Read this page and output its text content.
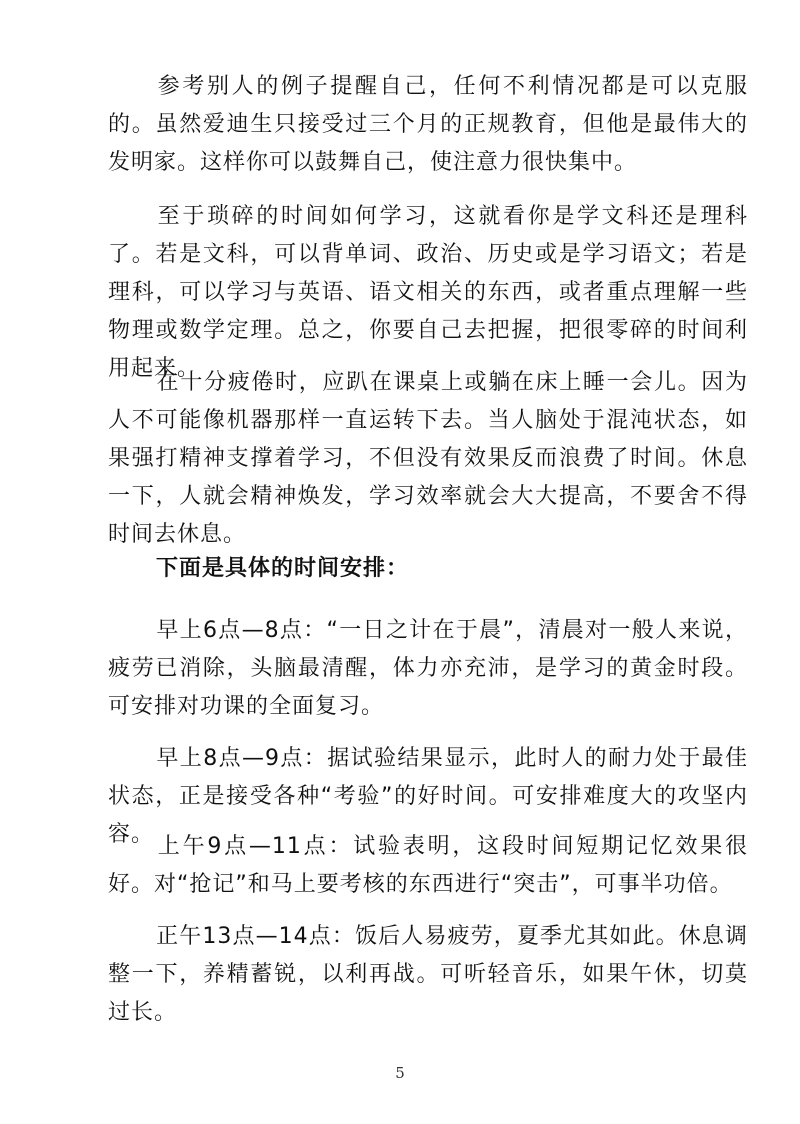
参考别人的例子提醒自己，任何不利情况都是可以克服的。虽然爱迪生只接受过三个月的正规教育，但他是最伟大的发明家。这样你可以鼓舞自己，使注意力很快集中。

至于琐碎的时间如何学习，这就看你是学文科还是理科了。若是文科，可以背单词、政治、历史或是学习语文；若是理科，可以学习与英语、语文相关的东西，或者重点理解一些物理或数学定理。总之，你要自己去把握，把很零碎的时间利用起来。

在十分疲倦时，应趴在课桌上或躺在床上睡一会儿。因为人不可能像机器那样一直运转下去。当人脑处于混沌状态，如果强打精神支撑着学习，不但没有效果反而浪费了时间。休息一下，人就会精神焕发，学习效率就会大大提高，不要舍不得时间去休息。

下面是具体的时间安排：

早上6点—8点：“一日之计在于晨”，清晨对一般人来说，疲劳已消除，头脑最清醒，体力亦充沛，是学习的黄金时段。可安排对功课的全面复习。

早上8点—9点：据试验结果显示，此时人的耐力处于最佳状态，正是接受各种“考验”的好时间。可安排难度大的攻坚内容。 上午9点—11点：试验表明，这段时间短期记忆效果很好。对“抢记”和马上要考核的东西进行“突击”，可事半功倍。

正午13点—14点：饭后人易疲劳，夏季尤其如此。休息调整一下，养精蓄锐，以利再战。可听轻音乐，如果午休，切莫过长。

5
